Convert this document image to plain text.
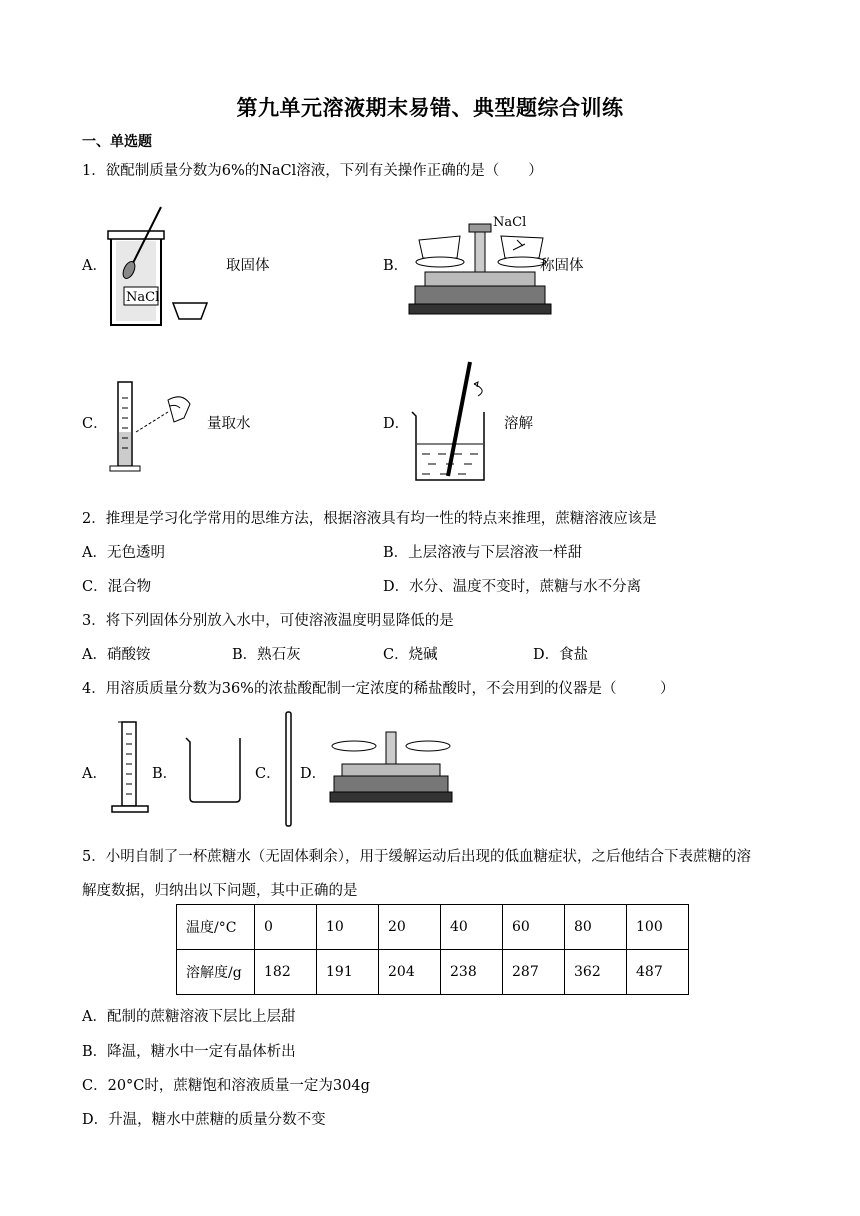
第九单元溶液期末易错、典型题综合训练
一、单选题
1．欲配制质量分数为6%的NaCl溶液，下列有关操作正确的是（　　）
A．
NaCl
取固体	B．
NaCl
称固体
C．	量取水	D．	溶解
2．推理是学习化学常用的思维方法，根据溶液具有均一性的特点来推理，蔗糖溶液应该是
A．无色透明	B．上层溶液与下层溶液一样甜
C．混合物	D．水分、温度不变时，蔗糖与水不分离
3．将下列固体分别放入水中，可使溶液温度明显降低的是
A．硝酸铵	B．熟石灰	C．烧碱	D．食盐
4．用溶质质量分数为36%的浓盐酸配制一定浓度的稀盐酸时，不会用到的仪器是（　　　）
A．	B．	C． D．
5．小明自制了一杯蔗糖水（无固体剩余），用于缓解运动后出现的低血糖症状，之后他结合下表蔗糖的溶
解度数据，归纳出以下问题，其中正确的是
温度/°C	0	10	20	40	60	80	100
溶解度/g	182	191	204	238	287	362	487
A．配制的蔗糖溶液下层比上层甜
B．降温，糖水中一定有晶体析出
C．20°C时，蔗糖饱和溶液质量一定为304g
D．升温，糖水中蔗糖的质量分数不变
